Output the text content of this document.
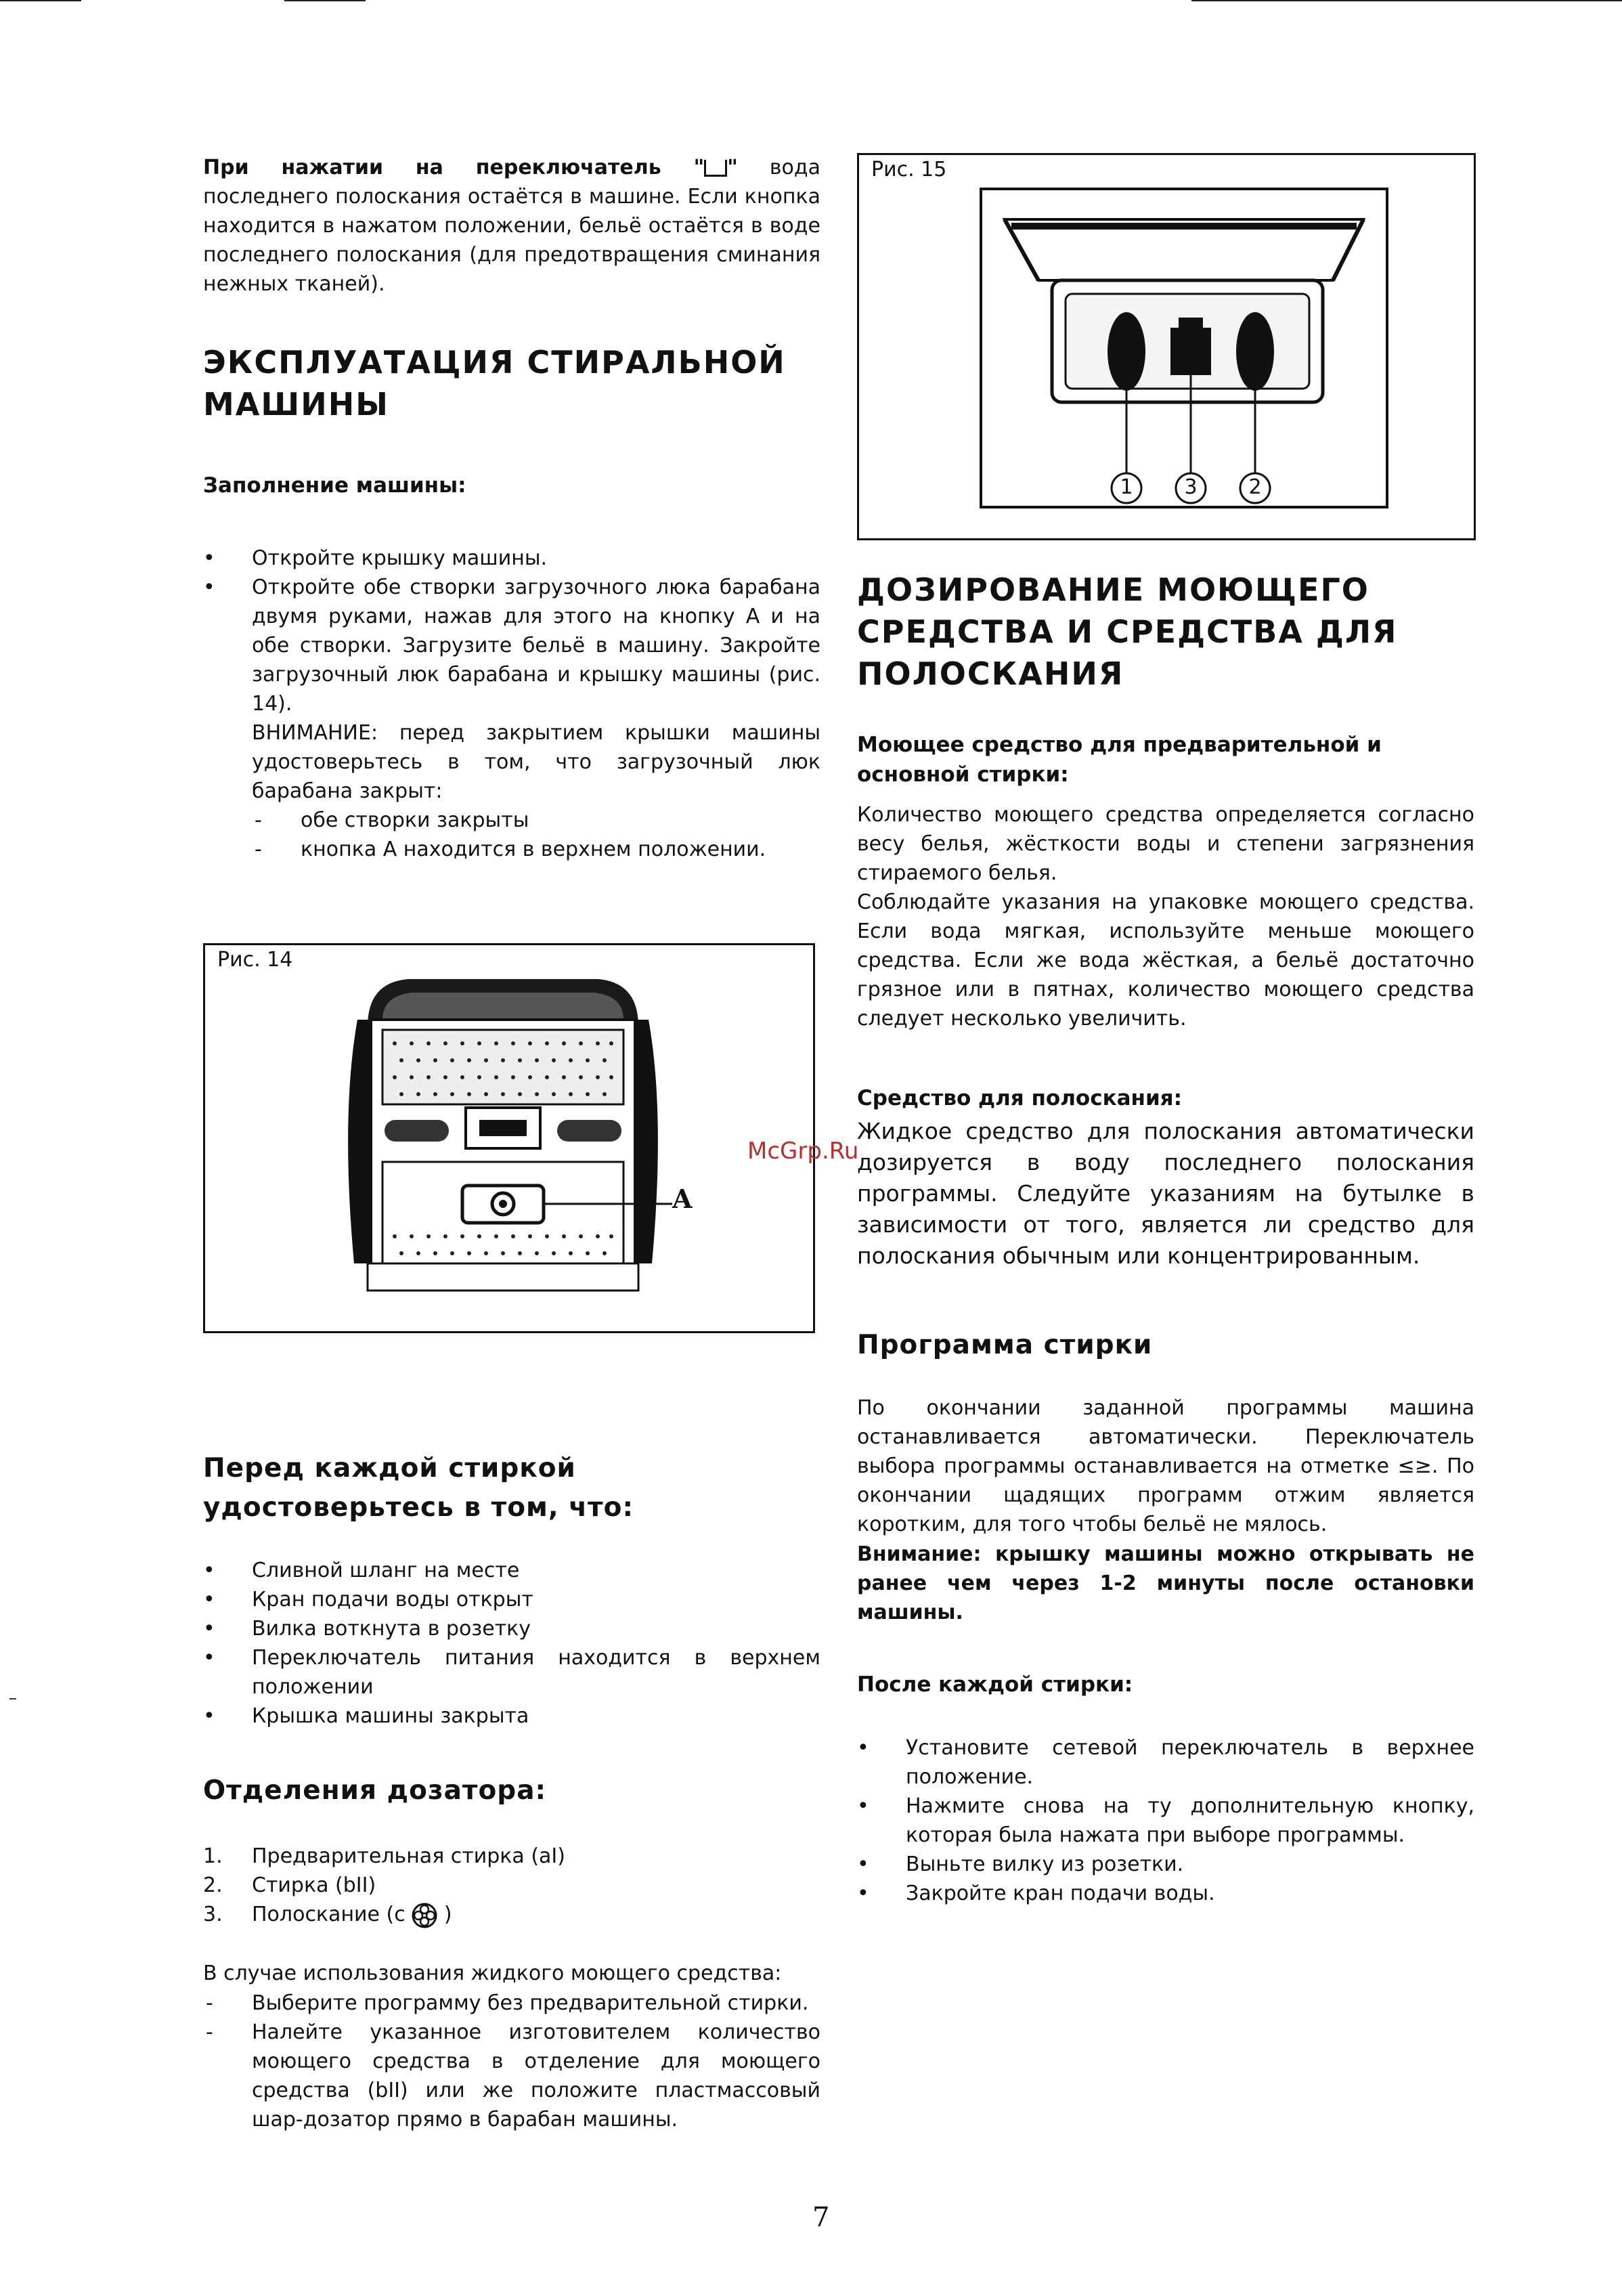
При нажатии на переключатель " " вода последнего полоскания остаётся в машине. Если кнопка находится в нажатом положении, бельё остаётся в воде последнего полоскания (для предотвращения сминания нежных тканей).
ЭКСПЛУАТАЦИЯ СТИРАЛЬНОЙ МАШИНЫ
Заполнение машины:
• Откройте крышку машины.
• Откройте обе створки загрузочного люка барабана двумя руками, нажав для этого на кнопку А и на обе створки. Загрузите бельё в машину. Закройте загрузочный люк барабана и крышку машины (рис. 14).
ВНИМАНИЕ: перед закрытием крышки машины удостоверьтесь в том, что загрузочный люк барабана закрыт:
- обе створки закрыты
- кнопка А находится в верхнем положении.
Рис. 14
A
Перед каждой стиркой удостоверьтесь в том, что:
• Сливной шланг на месте
• Кран подачи воды открыт
• Вилка воткнута в розетку
• Переключатель питания находится в верхнем положении
• Крышка машины закрыта
Отделения дозатора:
1. Предварительная стирка (aI)
2. Стирка (bII)
3. Полоскание (c )
В случае использования жидкого моющего средства:
- Выберите программу без предварительной стирки.
- Налейте указанное изготовителем количество моющего средства в отделение для моющего средства (bII) или же положите пластмассовый шар-дозатор прямо в барабан машины.
Рис. 15
1	3	2
ДОЗИРОВАНИЕ МОЮЩЕГО СРЕДСТВА И СРЕДСТВА ДЛЯ ПОЛОСКАНИЯ
Моющее средство для предварительной и основной стирки:
Количество моющего средства определяется согласно весу белья, жёсткости воды и степени загрязнения стираемого белья.
Соблюдайте указания на упаковке моющего средства. Если вода мягкая, используйте меньше моющего средства. Если же вода жёсткая, а бельё достаточно грязное или в пятнах, количество моющего средства следует несколько увеличить.
Средство для полоскания:
Жидкое средство для полоскания автоматически дозируется в воду последнего полоскания программы. Следуйте указаниям на бутылке в зависимости от того, является ли средство для полоскания обычным или концентрированным.
Программа стирки
По окончании заданной программы машина останавливается автоматически. Переключатель выбора программы останавливается на отметке ≤≥. По окончании щадящих программ отжим является коротким, для того чтобы бельё не мялось.
Внимание: крышку машины можно открывать не ранее чем через 1-2 минуты после остановки машины.
После каждой стирки:
• Установите сетевой переключатель в верхнее положение.
• Нажмите снова на ту дополнительную кнопку, которая была нажата при выборе программы.
• Выньте вилку из розетки.
• Закройте кран подачи воды.
McGrp.Ru
7
